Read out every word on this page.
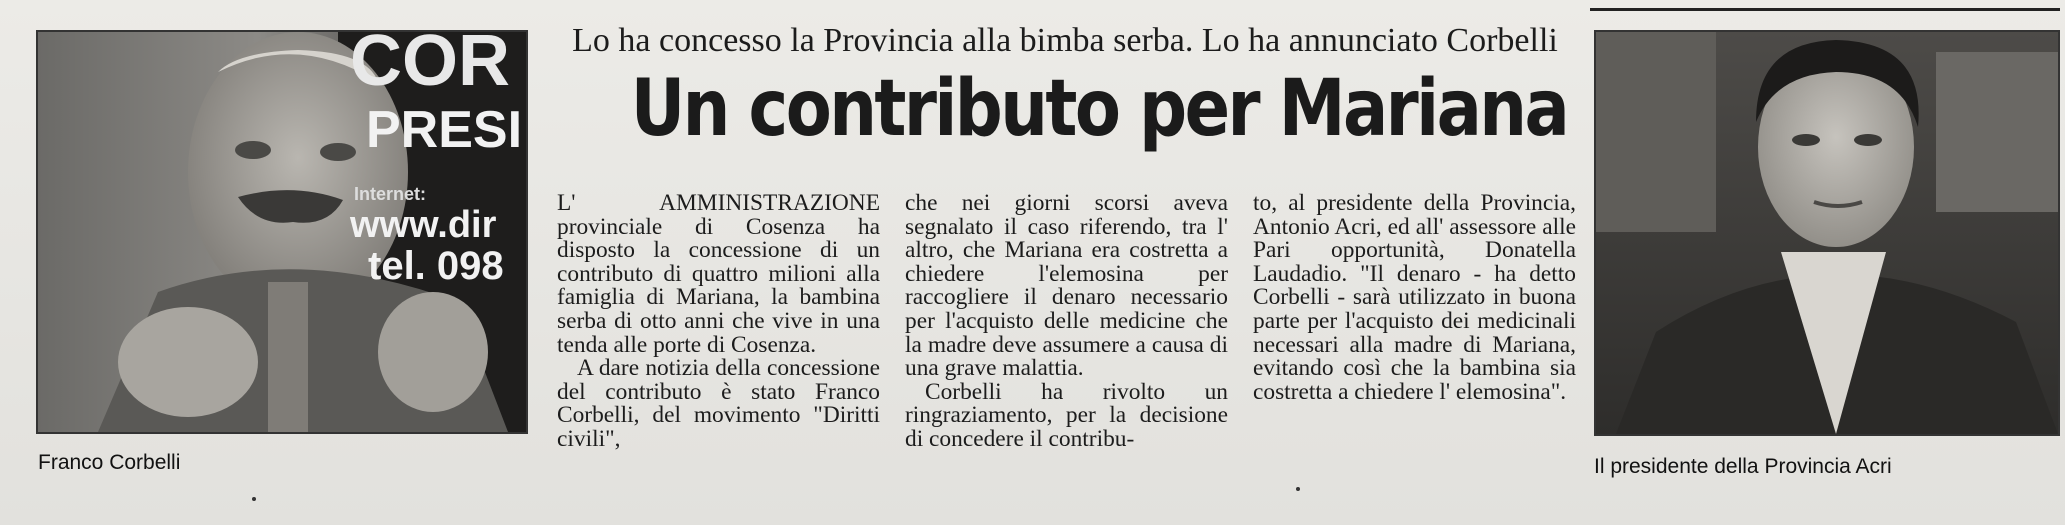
COR
PRESI
Internet:
www.dir
tel. 098
Franco Corbelli
Lo ha concesso la Provincia alla bimba serba. Lo ha annunciato Corbelli
Un contributo per Mariana

L' AMMINISTRAZIONE provinciale di Cosenza ha disposto la concessione di un contributo di quattro milioni alla famiglia di Mariana, la bambina serba di otto anni che vive in una tenda alle porte di Cosenza.

A dare notizia della concessione del contributo è stato Franco Corbelli, del movimento "Diritti civili",

che nei giorni scorsi aveva segnalato il caso riferendo, tra l' altro, che Mariana era costretta a chiedere l'elemosina per raccogliere il denaro necessario per l'acquisto delle medicine che la madre deve assumere a causa di una grave malattia.

Corbelli ha rivolto un ringraziamento, per la decisione di concedere il contribu-

to, al presidente della Provincia, Antonio Acri, ed all' assessore alle Pari opportunità, Donatella Laudadio. "Il denaro - ha detto Corbelli - sarà utilizzato in buona parte per l'acquisto dei medicinali necessari alla madre di Mariana, evitando così che la bambina sia costretta a chiedere l' elemosina".

Il presidente della Provincia Acri
